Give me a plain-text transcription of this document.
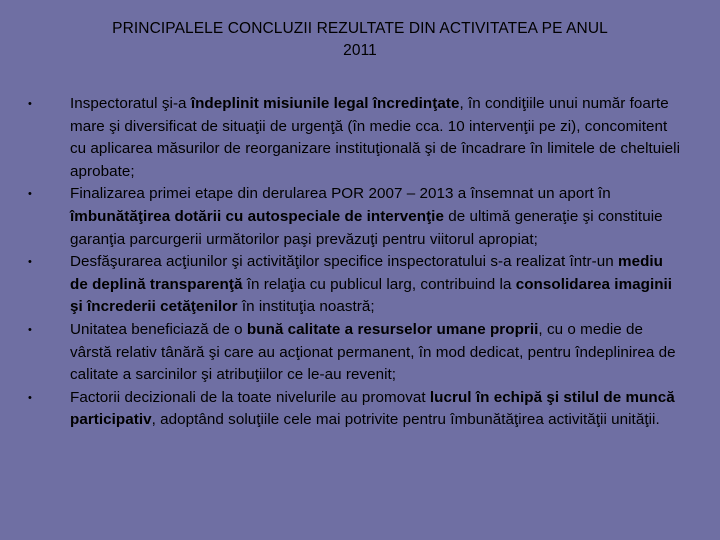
PRINCIPALELE CONCLUZII REZULTATE DIN ACTIVITATEA PE ANUL
2011
•	Inspectoratul şi-a îndeplinit misiunile legal încredinţate, în condiţiile unui număr foarte mare şi diversificat de situaţii de urgenţă (în medie cca. 10 intervenţii pe zi), concomitent cu aplicarea măsurilor de reorganizare instituţională şi de încadrare în limitele de cheltuieli aprobate;
•	Finalizarea primei etape din derularea POR 2007 – 2013 a însemnat un aport în îmbunătăţirea dotării cu autospeciale de intervenţie de ultimă generaţie şi constituie garanţia parcurgerii următorilor paşi prevăzuţi pentru viitorul apropiat;
•	Desfăşurarea acţiunilor şi activităţilor specifice inspectoratului s-a realizat într-un mediu de deplină transparenţă în relaţia cu publicul larg, contribuind la consolidarea imaginii şi încrederii cetăţenilor în instituţia noastră;
•	Unitatea beneficiază de o bună calitate a resurselor umane proprii, cu o medie de vârstă relativ tânără şi care au acţionat permanent, în mod dedicat, pentru îndeplinirea de calitate a sarcinilor şi atribuţiilor ce le-au revenit;
•	Factorii decizionali de la toate nivelurile au promovat lucrul în echipă şi stilul de muncă participativ, adoptând soluţiile cele mai potrivite pentru îmbunătăţirea activităţii unităţii.
